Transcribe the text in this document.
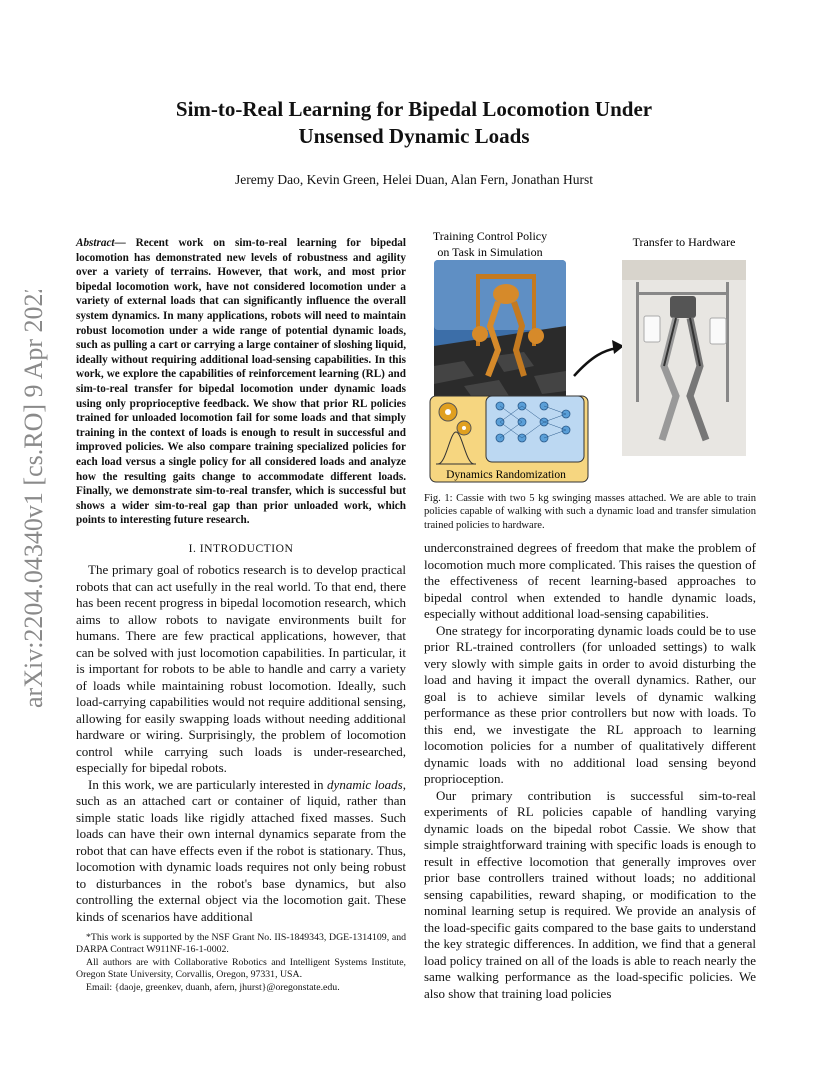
arXiv:2204.04340v1 [cs.RO] 9 Apr 2022
Sim-to-Real Learning for Bipedal Locomotion Under
Unsensed Dynamic Loads
Jeremy Dao, Kevin Green, Helei Duan, Alan Fern, Jonathan Hurst
Abstract— Recent work on sim-to-real learning for bipedal locomotion has demonstrated new levels of robustness and agility over a variety of terrains. However, that work, and most prior bipedal locomotion work, have not considered locomotion under a variety of external loads that can significantly influence the overall system dynamics. In many applications, robots will need to maintain robust locomotion under a wide range of potential dynamic loads, such as pulling a cart or carrying a large container of sloshing liquid, ideally without requiring additional load-sensing capabilities. In this work, we explore the capabilities of reinforcement learning (RL) and sim-to-real transfer for bipedal locomotion under dynamic loads using only proprioceptive feedback. We show that prior RL policies trained for unloaded locomotion fail for some loads and that simply training in the context of loads is enough to result in successful and improved policies. We also compare training specialized policies for each load versus a single policy for all considered loads and analyze how the resulting gaits change to accommodate different loads. Finally, we demonstrate sim-to-real transfer, which is successful but shows a wider sim-to-real gap than prior unloaded work, which points to interesting future research.
I. INTRODUCTION

The primary goal of robotics research is to develop practical robots that can act usefully in the real world. To that end, there has been recent progress in bipedal locomotion research, which aims to allow robots to navigate environments built for humans. There are few practical applications, however, that can be solved with just locomotion capabilities. In particular, it is important for robots to be able to handle and carry a variety of loads while maintaining robust locomotion. Ideally, such load-carrying capabilities would not require additional sensing, allowing for easily swapping loads without needing additional hardware or wiring. Surprisingly, the problem of locomotion control while carrying such loads is under-researched, especially for bipedal robots.

In this work, we are particularly interested in dynamic loads, such as an attached cart or container of liquid, rather than simple static loads like rigidly attached fixed masses. Such loads can have their own internal dynamics separate from the robot that can have effects even if the robot is stationary. Thus, locomotion with dynamic loads requires not only being robust to disturbances in the robot's base dynamics, but also controlling the external object via the locomotion gait. These kinds of scenarios have additional

*This work is supported by the NSF Grant No. IIS-1849343, DGE-1314109, and DARPA Contract W911NF-16-1-0002.

All authors are with Collaborative Robotics and Intelligent Systems Institute, Oregon State University, Corvallis, Oregon, 97331, USA.

Email: {daoje, greenkev, duanh, afern, jhurst}@oregonstate.edu.

Training Control Policy
on Task in Simulation
Transfer to Hardware
Dynamics Randomization
Fig. 1: Cassie with two 5 kg swinging masses attached. We are able to train policies capable of walking with such a dynamic load and transfer simulation trained policies to hardware.

underconstrained degrees of freedom that make the problem of locomotion much more complicated. This raises the question of the effectiveness of recent learning-based approaches to bipedal control when extended to handle dynamic loads, especially without additional load-sensing capabilities.

One strategy for incorporating dynamic loads could be to use prior RL-trained controllers (for unloaded settings) to walk very slowly with simple gaits in order to avoid disturbing the load and having it impact the overall dynamics. Rather, our goal is to achieve similar levels of dynamic walking performance as these prior controllers but now with loads. To this end, we investigate the RL approach to learning locomotion policies for a number of qualitatively different dynamic loads with no additional load sensing beyond proprioception.

Our primary contribution is successful sim-to-real experiments of RL policies capable of handling varying dynamic loads on the bipedal robot Cassie. We show that simple straightforward training with specific loads is enough to result in effective locomotion that generally improves over prior base controllers trained without loads; no additional sensing capabilities, reward shaping, or modification to the nominal learning setup is required. We provide an analysis of the load-specific gaits compared to the base gaits to understand the key strategic differences. In addition, we find that a general load policy trained on all of the loads is able to reach nearly the same walking performance as the load-specific policies. We also show that training load policies
